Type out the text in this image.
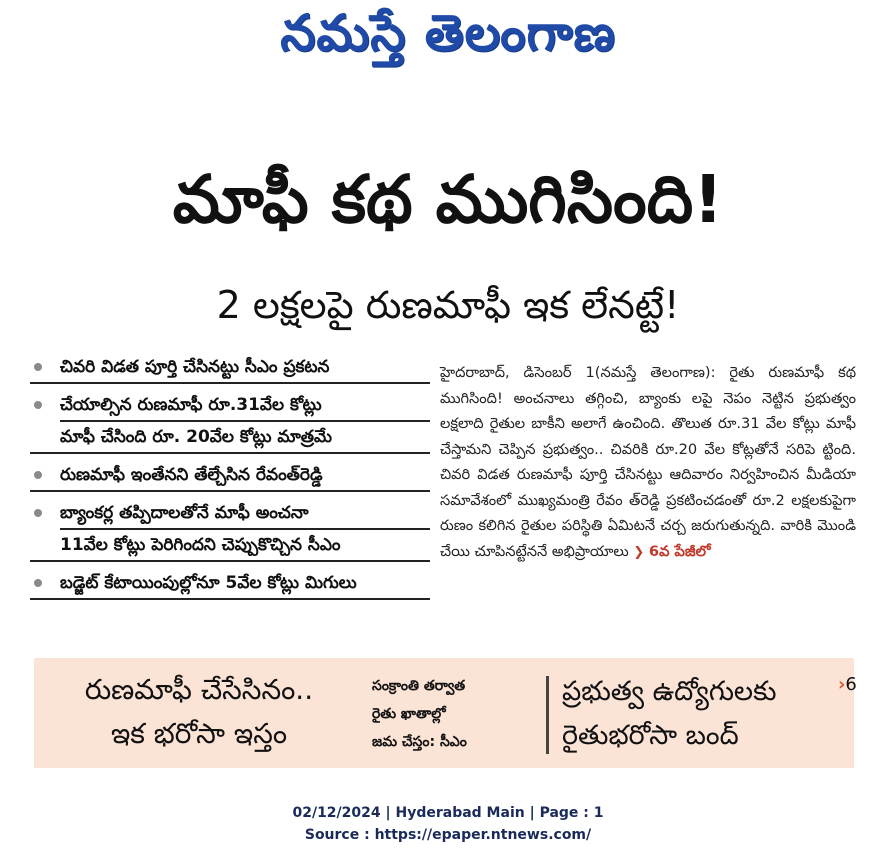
నమస్తే తెలంగాణ
మాఫీ కథ ముగిసింది!
2 లక్షలపై రుణమాఫీ ఇక లేనట్టే!
చివరి విడత పూర్తి చేసినట్టు సీఎం ప్రకటన
చేయాల్సిన రుణమాఫీ రూ.31వేల కోట్లు
మాఫీ చేసింది రూ. 20వేల కోట్లు మాత్రమే
రుణమాఫీ ఇంతేనని తేల్చేసిన రేవంత్‌రెడ్డి
బ్యాంకర్ల తప్పిదాలతోనే మాఫీ అంచనా
11వేల కోట్లు పెరిగిందని చెప్పుకొచ్చిన సీఎం
బడ్జెట్ కేటాయింపుల్లోనూ 5వేల కోట్లు మిగులు
హైదరాబాద్, డిసెంబర్ 1(నమస్తే తెలంగాణ): రైతు రుణమాఫీ కథ ముగిసింది! అంచనాలు తగ్గించి, బ్యాంకు లపై నెపం నెట్టిన ప్రభుత్వం లక్షలాది రైతుల బాకీని అలాగే ఉంచింది. తొలుత రూ.31 వేల కోట్లు మాఫీ చేస్తామని చెప్పిన ప్రభుత్వం.. చివరికి రూ.20 వేల కోట్లతోనే సరిపె ట్టింది. చివరి విడత రుణమాఫీ పూర్తి చేసినట్టు ఆదివారం నిర్వహించిన మీడియా సమావేశంలో ముఖ్యమంత్రి రేవం త్‌రెడ్డి ప్రకటించడంతో రూ.2 లక్షలకుపైగా రుణం కలిగిన రైతుల పరిస్థితి ఏమిటనే చర్చ జరుగుతున్నది. వారికి మొండి చేయి చూపినట్టేననే అభిప్రాయాలు ❯ 6వ పేజీలో
రుణమాఫీ చేసేసినం..
ఇక భరోసా ఇస్తం
సంక్రాంతి తర్వాత
రైతు ఖాతాల్లో
జమ చేస్తం: సీఎం
ప్రభుత్వ ఉద్యోగులకు
రైతుభరోసా బంద్
›6
02/12/2024 | Hyderabad Main | Page : 1
Source : https://epaper.ntnews.com/
